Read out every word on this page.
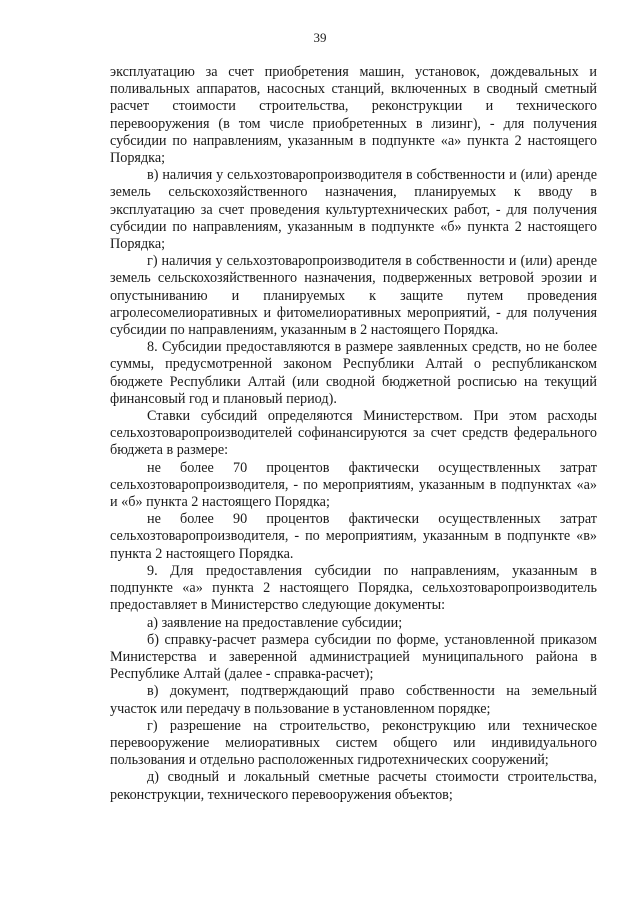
39

эксплуатацию за счет приобретения машин, установок, дождевальных и поливальных аппаратов, насосных станций, включенных в сводный сметный расчет стоимости строительства, реконструкции и технического перевооружения (в том числе приобретенных в лизинг), - для получения субсидии по направлениям, указанным в подпункте «а» пункта 2 настоящего Порядка;

в) наличия у сельхозтоваропроизводителя в собственности и (или) аренде земель сельскохозяйственного назначения, планируемых к вводу в эксплуатацию за счет проведения культуртехнических работ, - для получения субсидии по направлениям, указанным в подпункте «б» пункта 2 настоящего Порядка;

г) наличия у сельхозтоваропроизводителя в собственности и (или) аренде земель сельскохозяйственного назначения, подверженных ветровой эрозии и опустыниванию и планируемых к защите путем проведения агролесомелиоративных и фитомелиоративных мероприятий, - для получения субсидии по направлениям, указанным в 2 настоящего Порядка.

8. Субсидии предоставляются в размере заявленных средств, но не более суммы, предусмотренной законом Республики Алтай о республиканском бюджете Республики Алтай (или сводной бюджетной росписью на текущий финансовый год и плановый период).

Ставки субсидий определяются Министерством. При этом расходы сельхозтоваропроизводителей софинансируются за счет средств федерального бюджета в размере:

не более 70 процентов фактически осуществленных затрат сельхозтоваропроизводителя, - по мероприятиям, указанным в подпунктах «а» и «б» пункта 2 настоящего Порядка;

не более 90 процентов фактически осуществленных затрат сельхозтоваропроизводителя, - по мероприятиям, указанным в подпункте «в» пункта 2 настоящего Порядка.

9. Для предоставления субсидии по направлениям, указанным в подпункте «а» пункта 2 настоящего Порядка, сельхозтоваропроизводитель предоставляет в Министерство следующие документы:

а) заявление на предоставление субсидии;

б) справку-расчет размера субсидии по форме, установленной приказом Министерства и заверенной администрацией муниципального района в Республике Алтай (далее - справка-расчет);

в) документ, подтверждающий право собственности на земельный участок или передачу в пользование в установленном порядке;

г) разрешение на строительство, реконструкцию или техническое перевооружение мелиоративных систем общего или индивидуального пользования и отдельно расположенных гидротехнических сооружений;

д) сводный и локальный сметные расчеты стоимости строительства, реконструкции, технического перевооружения объектов;
